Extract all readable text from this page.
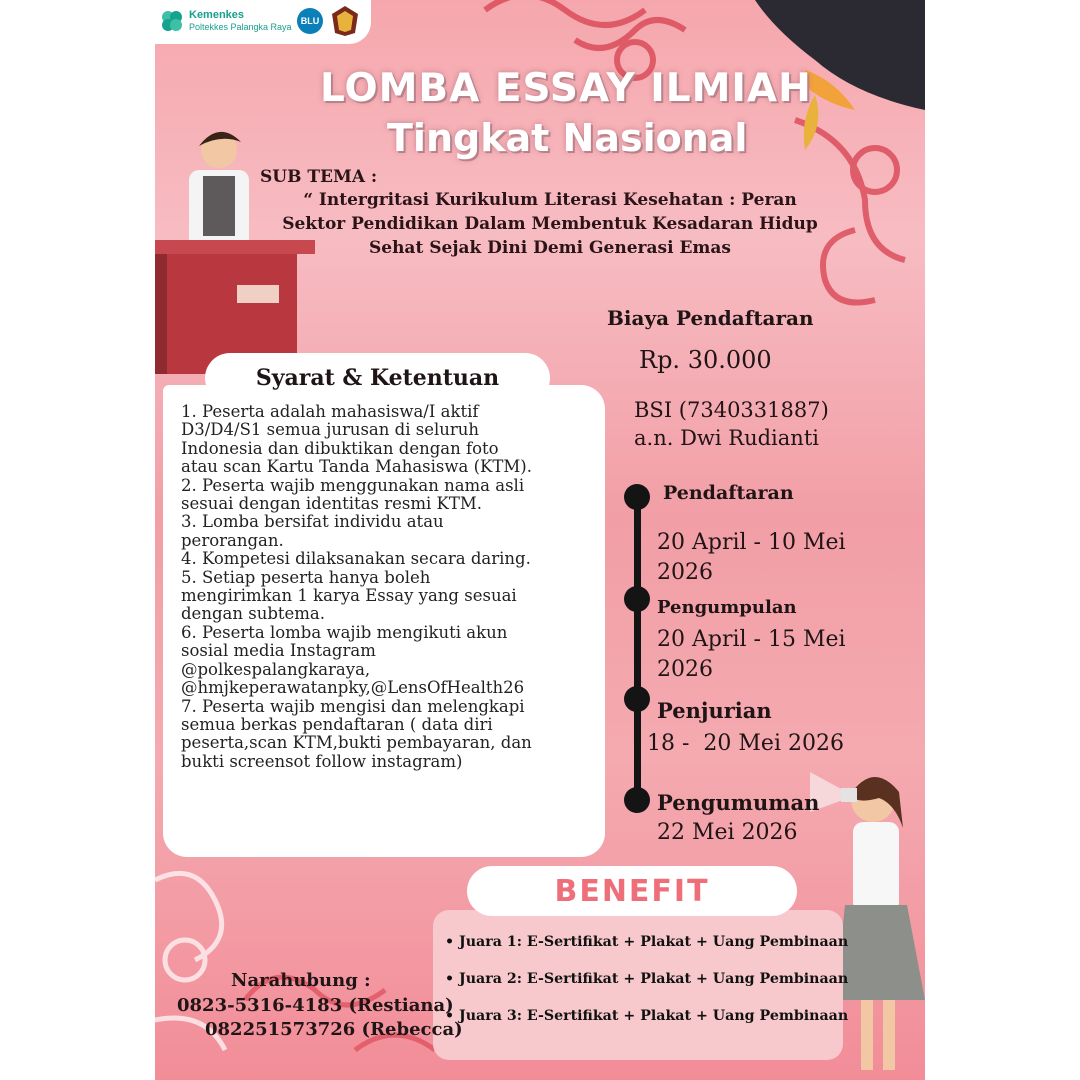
Kemenkes
Poltekkes Palangka Raya
BLU
LOMBA ESSAY ILMIAH
Tingkat Nasional
SUB TEMA :
“ Intergritasi Kurikulum Literasi Kesehatan : Peran
Sektor Pendidikan Dalam Membentuk Kesadaran Hidup
Sehat Sejak Dini Demi Generasi Emas
Biaya Pendaftaran
Rp. 30.000
BSI (7340331887)
a.n. Dwi Rudianti
Syarat & Ketentuan
1. Peserta adalah mahasiswa/I aktif
D3/D4/S1 semua jurusan di seluruh
Indonesia dan dibuktikan dengan foto
atau scan Kartu Tanda Mahasiswa (KTM).
2. Peserta wajib menggunakan nama asli
sesuai dengan identitas resmi KTM.
3. Lomba bersifat individu atau
perorangan.
4. Kompetesi dilaksanakan secara daring.
5. Setiap peserta hanya boleh
mengirimkan 1 karya Essay yang sesuai
dengan subtema.
6. Peserta lomba wajib mengikuti akun
sosial media Instagram
@polkespalangkaraya,
@hmjkeperawatanpky,@LensOfHealth26
7. Peserta wajib mengisi dan melengkapi
semua berkas pendaftaran ( data diri
peserta,scan KTM,bukti pembayaran, dan
bukti screensot follow instagram)
Pendaftaran
20 April - 10 Mei
2026
Pengumpulan
20 April - 15 Mei
2026
Penjurian
18 -  20 Mei 2026
Pengumuman
22 Mei 2026
BENEFIT
• Juara 1: E-Sertifikat + Plakat + Uang Pembinaan
• Juara 2: E-Sertifikat + Plakat + Uang Pembinaan
• Juara 3: E-Sertifikat + Plakat + Uang Pembinaan
Narahubung :
0823-5316-4183 (Restiana)
082251573726 (Rebecca)
